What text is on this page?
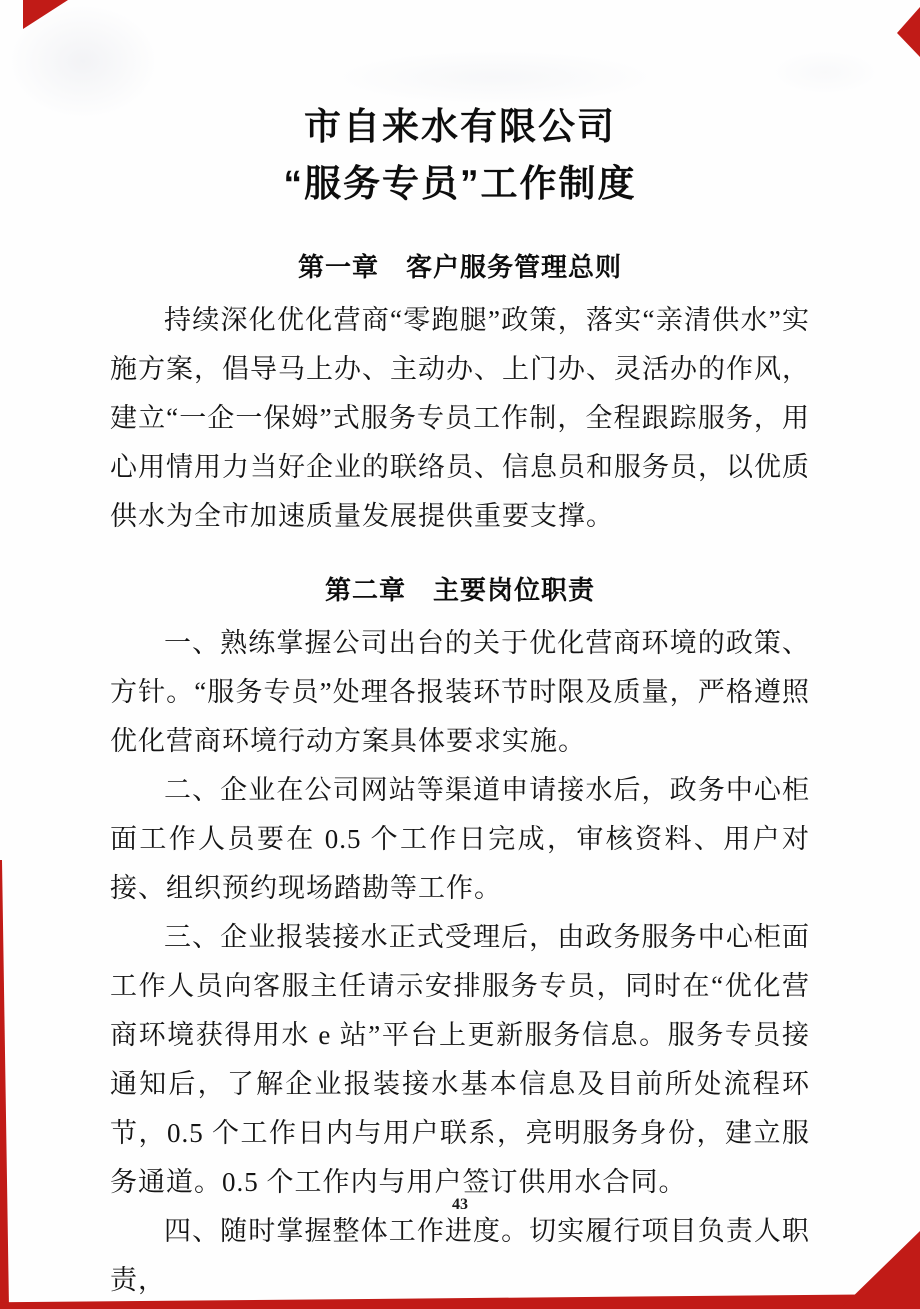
市自来水有限公司
“服务专员”工作制度
第一章　客户服务管理总则

持续深化优化营商“零跑腿”政策，落实“亲清供水”实施方案，倡导马上办、主动办、上门办、灵活办的作风，建立“一企一保姆”式服务专员工作制，全程跟踪服务，用心用情用力当好企业的联络员、信息员和服务员，以优质供水为全市加速质量发展提供重要支撑。

第二章　主要岗位职责

一、熟练掌握公司出台的关于优化营商环境的政策、方针。“服务专员”处理各报装环节时限及质量，严格遵照优化营商环境行动方案具体要求实施。

二、企业在公司网站等渠道申请接水后，政务中心柜面工作人员要在 0.5 个工作日完成，审核资料、用户对接、组织预约现场踏勘等工作。

三、企业报装接水正式受理后，由政务服务中心柜面工作人员向客服主任请示安排服务专员，同时在“优化营商环境获得用水 e 站”平台上更新服务信息。服务专员接通知后，了解企业报装接水基本信息及目前所处流程环节，0.5 个工作日内与用户联系，亮明服务身份，建立服务通道。0.5 个工作内与用户签订供用水合同。

四、随时掌握整体工作进度。切实履行项目负责人职责，

43
